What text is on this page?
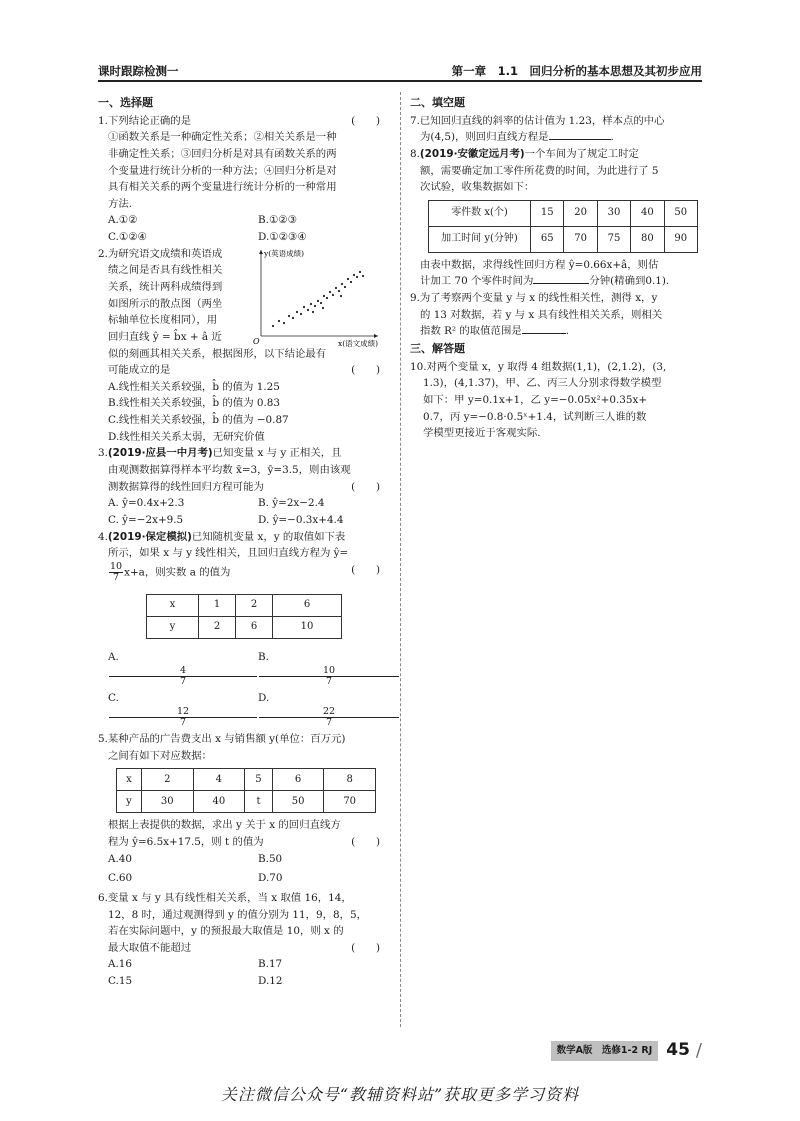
课时跟踪检测一	第一章　1.1　回归分析的基本思想及其初步应用
一、选择题
1.下列结论正确的是	(　　)
①函数关系是一种确定性关系；②相关关系是一种
非确定性关系；③回归分析是对具有函数关系的两
个变量进行统计分析的一种方法；④回归分析是对
具有相关关系的两个变量进行统计分析的一种常用
方法.
A.①②	B.①②③
C.①②④	D.①②③④
2.为研究语文成绩和英语成
绩之间是否具有线性相关
关系，统计两科成绩得到
如图所示的散点图（两坐
标轴单位长度相同），用
回归直线 ŷ = b̂x + â 近
y(英语成绩)
x(语文成绩)
O
似的刻画其相关关系，根据图形，以下结论最有
可能成立的是	(　　)
A.线性相关关系较强，b̂ 的值为 1.25
B.线性相关关系较强，b̂ 的值为 0.83
C.线性相关关系较强，b̂ 的值为 −0.87
D.线性相关关系太弱，无研究价值
3.(2019·应县一中月考)已知变量 x 与 y 正相关，且
由观测数据算得样本平均数 x̄=3，ȳ=3.5，则由该观
测数据算得的线性回归方程可能为	(　　)
A. ŷ=0.4x+2.3	B. ŷ=2x−2.4
C. ŷ=−2x+9.5	D. ŷ=−0.3x+4.4
4.(2019·保定模拟)已知随机变量 x，y 的取值如下表
所示，如果 x 与 y 线性相关，且回归直线方程为 ŷ=
$\frac{10}{7} x+a$，则实数 a 的值为	(　　)
x	1	2	6
y	2	6	10
A.
4
7
B.
10
7
C.
12
7
D.
22
7
5.某种产品的广告费支出 x 与销售额 y(单位：百万元)
之间有如下对应数据：
x	2	4	5	6	8
y	30	40	t	50	70
根据上表提供的数据，求出 y 关于 x 的回归直线方
程为 ŷ=6.5x+17.5，则 t 的值为	(　　)
A.40	B.50
C.60	D.70
6.变量 x 与 y 具有线性相关关系，当 x 取值 16，14，
12，8 时，通过观测得到 y 的值分别为 11，9，8，5，
若在实际问题中，y 的预报最大取值是 10，则 x 的
最大取值不能超过	(　　)
A.16	B.17
C.15	D.12
二、填空题
7.已知回归直线的斜率的估计值为 1.23，样本点的中心
为(4,5)，则回归直线方程是	.
8.(2019·安徽定远月考)一个车间为了规定工时定
额，需要确定加工零件所花费的时间，为此进行了 5
次试验，收集数据如下：
零件数 x(个)	15	20	30	40	50
加工时间 y(分钟)	65	70	75	80	90
由表中数据，求得线性回归方程 ŷ=0.66x+â，则估
计加工 70 个零件时间为	分钟(精确到0.1).
9.为了考察两个变量 y 与 x 的线性相关性，测得 x，y
的 13 对数据，若 y 与 x 具有线性相关关系，则相关
指数 R² 的取值范围是	.
三、解答题
10.对两个变量 x，y 取得 4 组数据(1,1)，(2,1.2)，(3,
1.3)，(4,1.37)，甲、乙、丙三人分别求得数学模型
如下：甲 y=0.1x+1，乙 y=−0.05x²+0.35x+
0.7，丙 y=−0.8·0.5ˣ+1.4，试判断三人谁的数
学模型更接近于客观实际.
数学A版　选修1-2 RJ 45 /
关注微信公众号“教辅资料站”获取更多学习资料
